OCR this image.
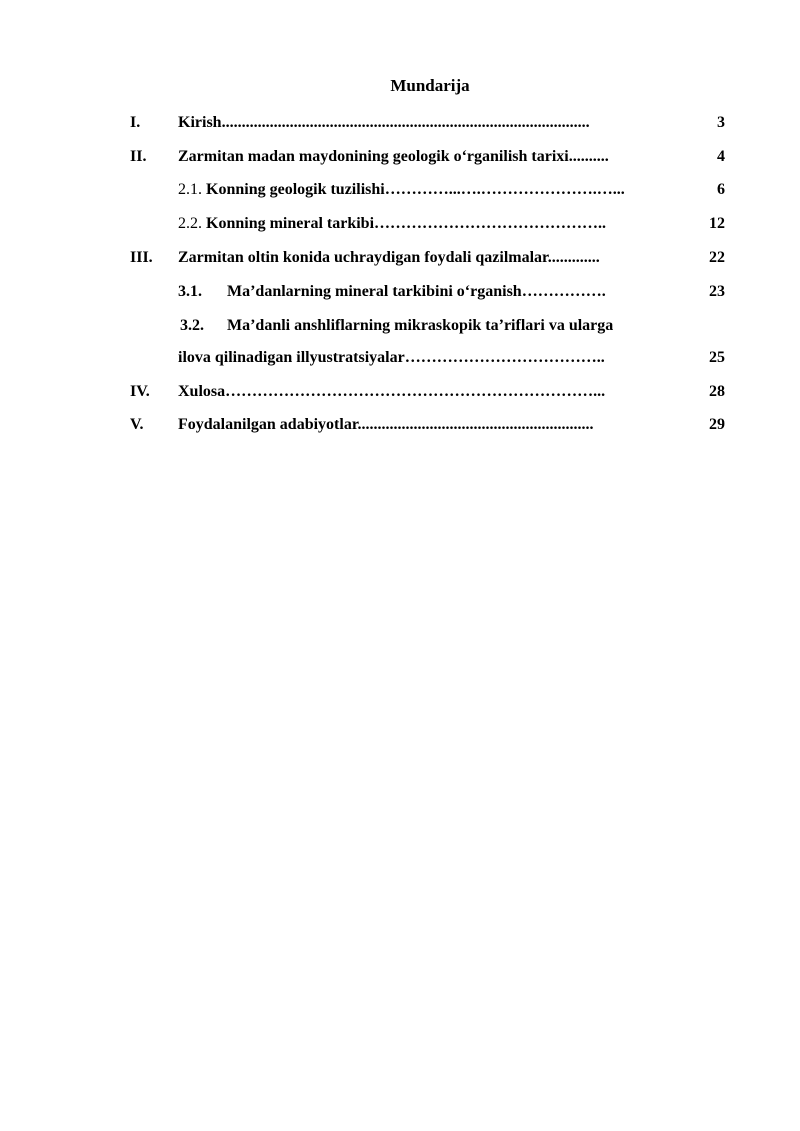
Mundarija
I. Kirish............................................................................................	3
II. Zarmitan madan maydonining geologik o‘rganilish tarixi..........	4
2.1. Konning geologik tuzilishi…………...….………………….…...	6
2.2. Konning mineral tarkibi……………………………………..	12
III. Zarmitan oltin konida uchraydigan foydali qazilmalar.............	22
3.1.	Ma’danlarning mineral tarkibini o‘rganish…………….	23
3.2.	Ma’danli anshliflarning mikraskopik ta’riflari va ularga
ilova qilinadigan illyustratsiyalar………………………………..	25
IV. Xulosa……………………………………………………………...	28
V. Foydalanilgan adabiyotlar...........................................................	29
